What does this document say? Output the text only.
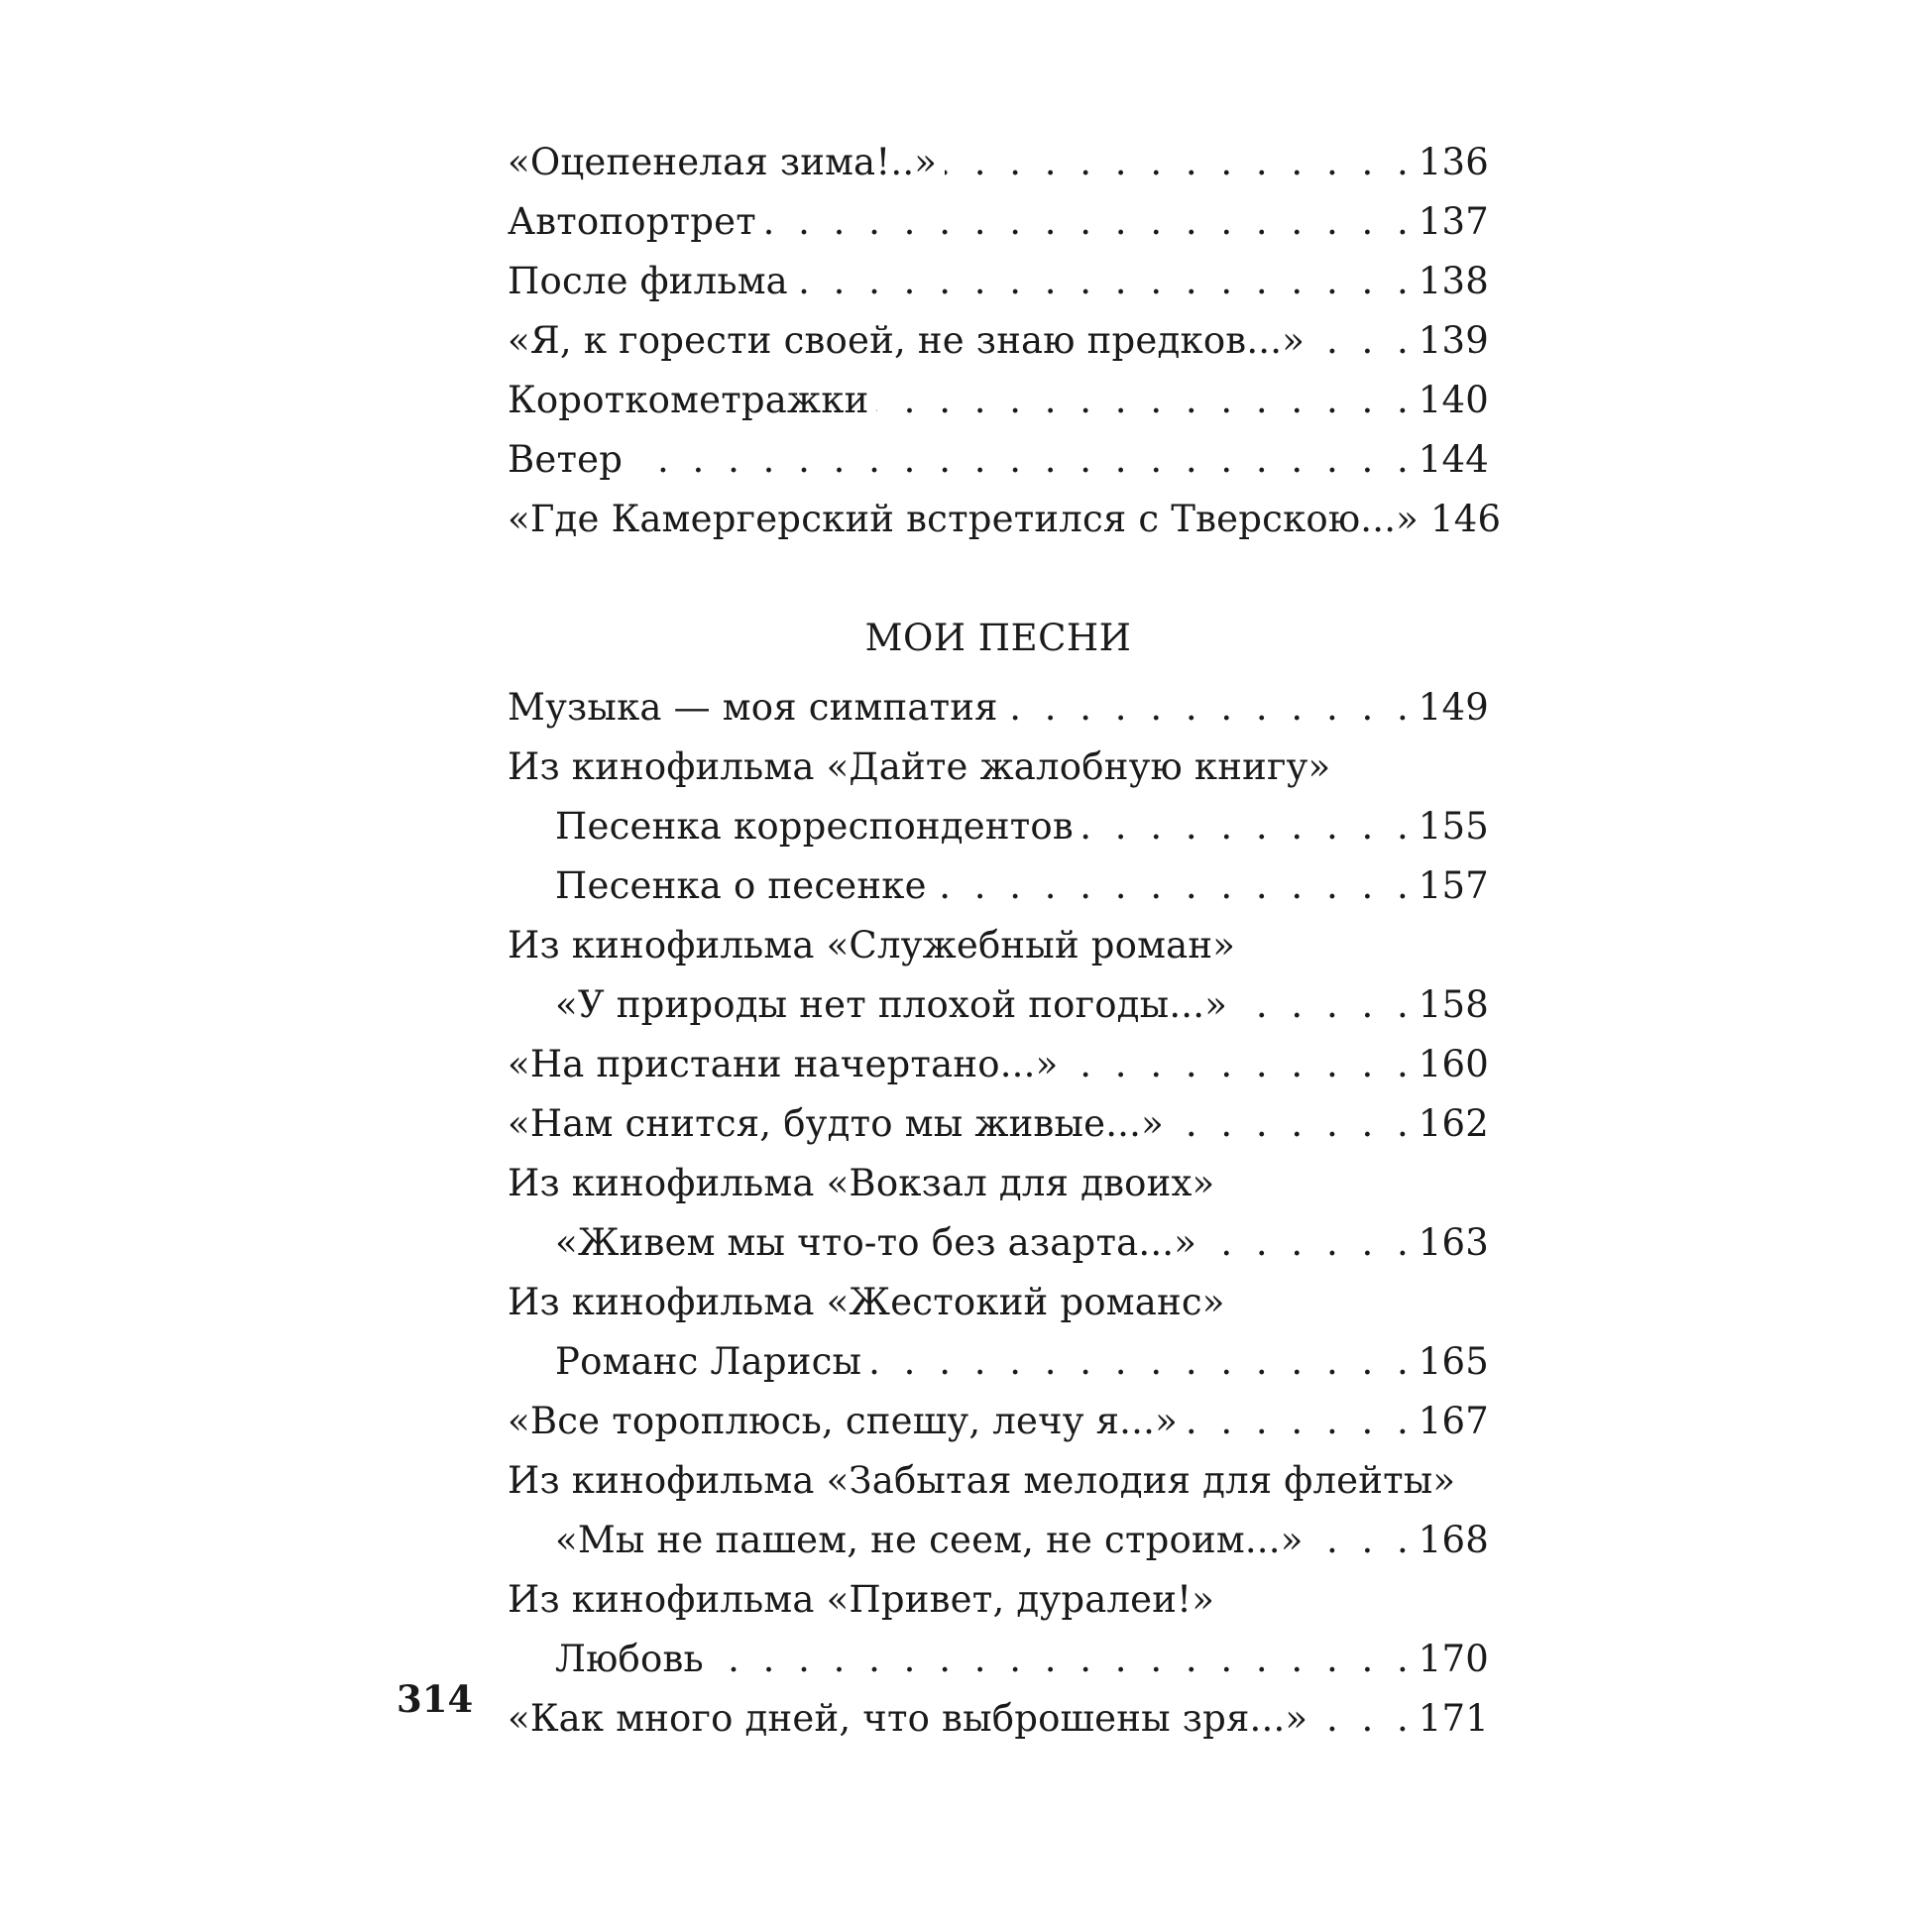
«Оцепенелая зима!..» . . .	136
Автопортрет . . .	137
После фильма . . .	138
«Я, к горести своей, не знаю предков...» . . .	139
Короткометражки . . .	140
Ветер . . .	144
«Где Камергерский встретился с Тверскою...» 146
МОИ ПЕСНИ
Музыка — моя симпатия . . .	149
Из кинофильма «Дайте жалобную книгу»
Песенка корреспондентов . . .	155
Песенка о песенке . . .	157
Из кинофильма «Служебный роман»
«У природы нет плохой погоды...» . . .	158
«На пристани начертано...» . . .	160
«Нам снится, будто мы живые...» . . .	162
Из кинофильма «Вокзал для двоих»
«Живем мы что-то без азарта...» . . .	163
Из кинофильма «Жестокий романс»
Романс Ларисы . . .	165
«Все тороплюсь, спешу, лечу я...» . . .	167
Из кинофильма «Забытая мелодия для флейты»
«Мы не пашем, не сеем, не строим...» . . .	168
Из кинофильма «Привет, дуралеи!»
Любовь . . .	170
«Как много дней, что выброшены зря...» . . .	171
314
